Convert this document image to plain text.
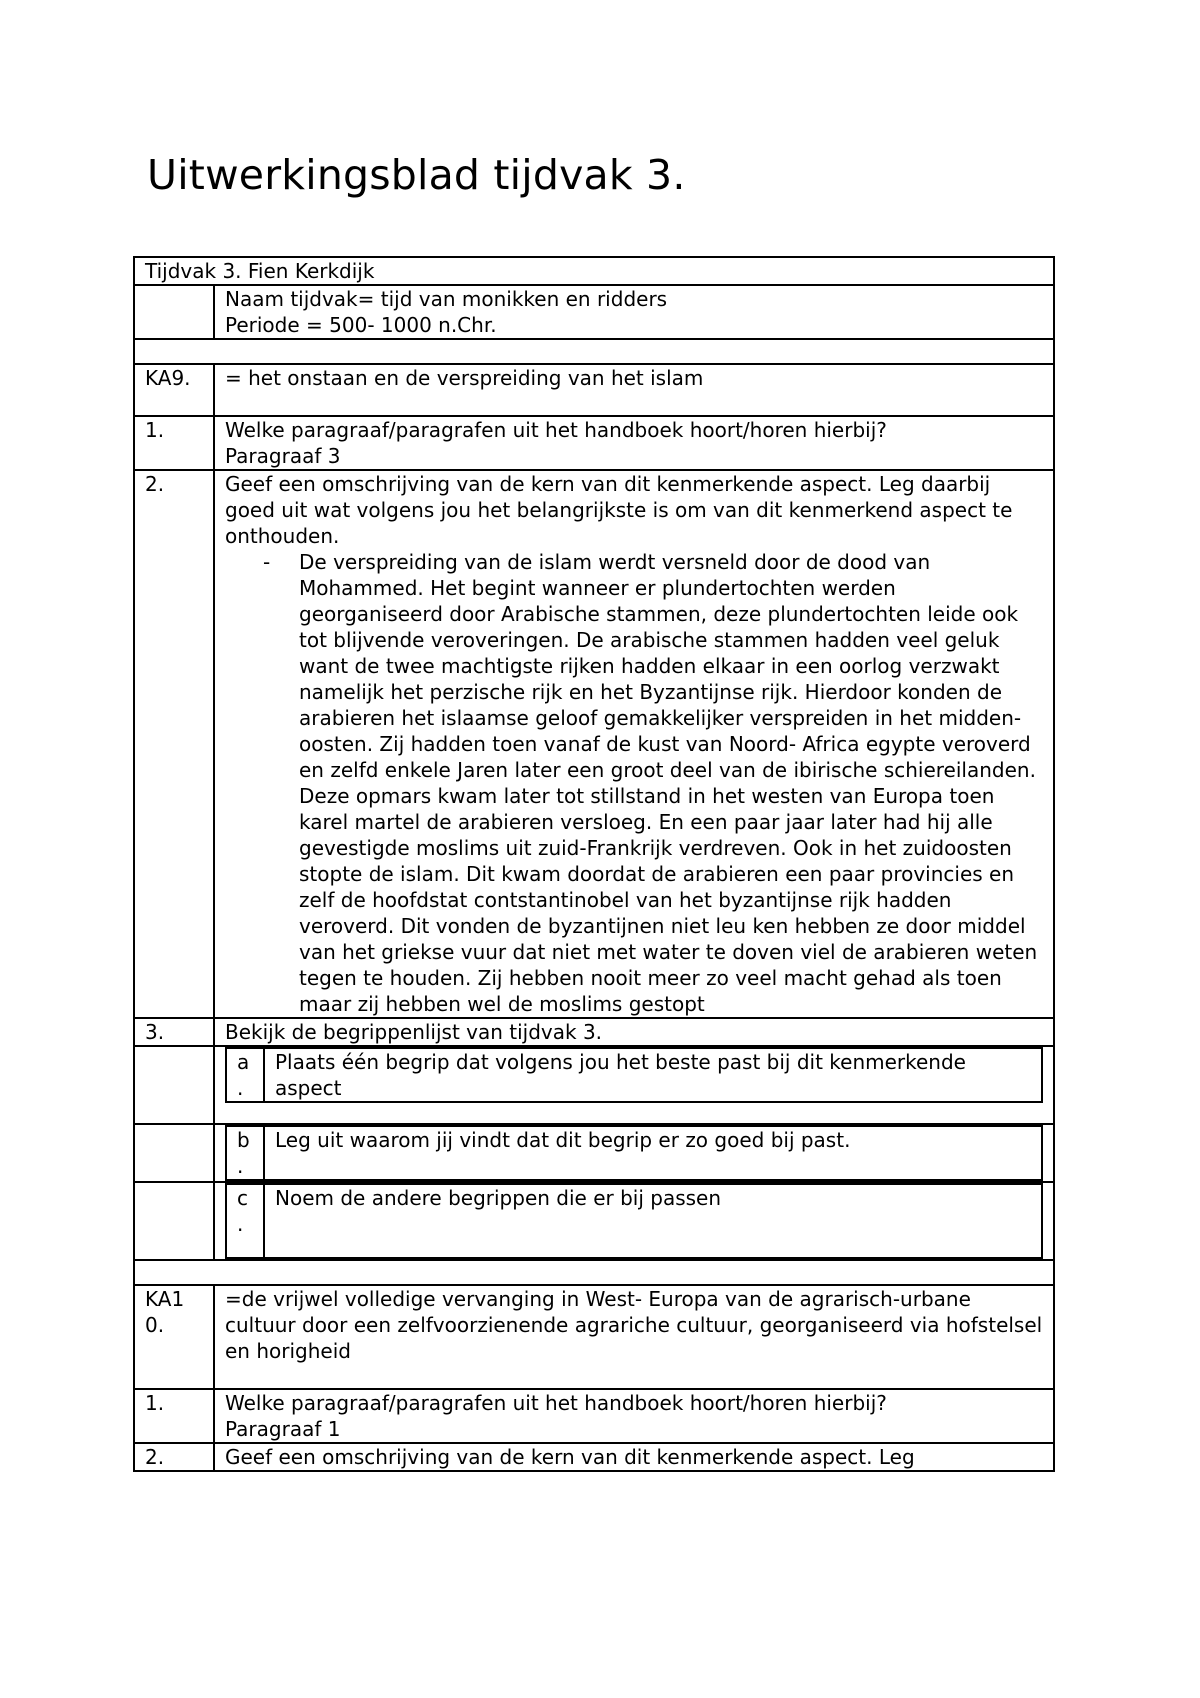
Uitwerkingsblad tijdvak 3.
Tijdvak 3. Fien Kerkdijk

Naam tijdvak= tijd van monikken en ridders
Periode = 500- 1000 n.Chr.

KA9.	= het onstaan en de verspreiding van het islam
1.	Welke paragraaf/paragrafen uit het handboek hoort/horen hierbij?
Paragraaf 3

2.	Geef een omschrijving van de kern van dit kenmerkende aspect. Leg daarbij goed uit wat volgens jou het belangrijkste is om van dit kenmerkend aspect te onthouden.
-	De verspreiding van de islam werdt versneld door de dood van Mohammed. Het begint wanneer er plundertochten werden georganiseerd door Arabische stammen, deze plundertochten leide ook tot blijvende veroveringen. De arabische stammen hadden veel geluk want de twee machtigste rijken hadden elkaar in een oorlog verzwakt namelijk het perzische rijk en het Byzantijnse rijk. Hierdoor konden de arabieren het islaamse geloof gemakkelijker verspreiden in het midden-oosten. Zij hadden toen vanaf de kust van Noord- Africa egypte veroverd en zelfd enkele Jaren later een groot deel van de ibirische schiereilanden. Deze opmars kwam later tot stillstand in het westen van Europa toen karel martel de arabieren versloeg. En een paar jaar later had hij alle gevestigde moslims uit zuid-Frankrijk verdreven. Ook in het zuidoosten stopte de islam. Dit kwam doordat de arabieren een paar provincies en zelf de hoofdstat contstantinobel van het byzantijnse rijk hadden veroverd. Dit vonden de byzantijnen niet leu ken hebben ze door middel van het griekse vuur dat niet met water te doven viel de arabieren weten tegen te houden. Zij hebben nooit meer zo veel macht gehad als toen maar zij hebben wel de moslims gestopt

3.	Bekijk de begrippenlijst van tijdvak 3.

a
.
	Plaats één begrip dat volgens jou het beste past bij dit kenmerkende aspect

b
.
	Leg uit waarom jij vindt dat dit begrip er zo goed bij past.

c
.
	Noem de andere begrippen die er bij passen

KA1
0.
	=de vrijwel volledige vervanging in West- Europa van de agrarisch-urbane cultuur door een zelfvoorzienende agrariche cultuur, georganiseerd via hofstelsel en horigheid
1.	Welke paragraaf/paragrafen uit het handboek hoort/horen hierbij?
Paragraaf 1

2.	Geef een omschrijving van de kern van dit kenmerkende aspect. Leg
